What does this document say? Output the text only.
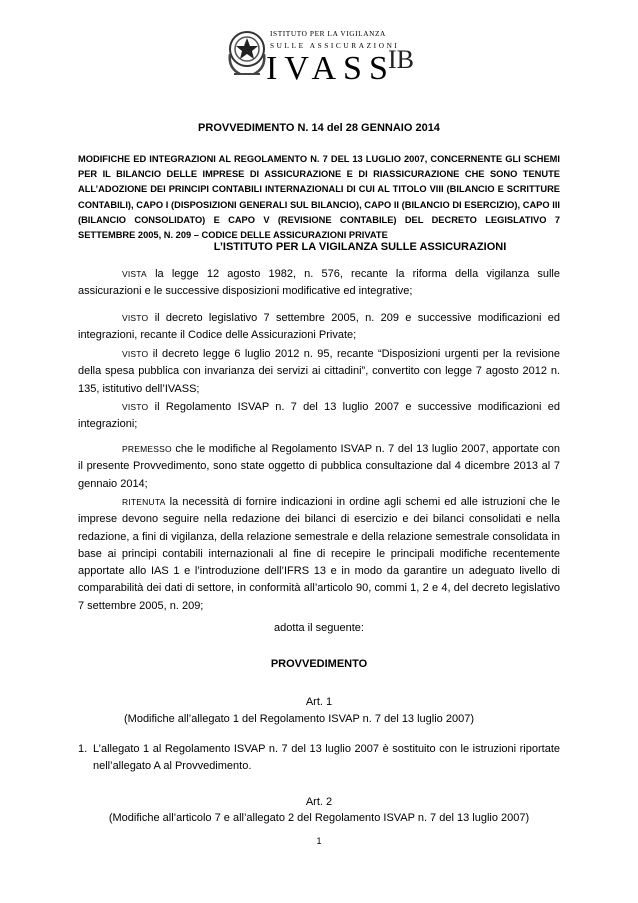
ISTITUTO PER LA VIGILANZA
SULLE ASSICURAZIONI
IVASS
IB
PROVVEDIMENTO N. 14 del 28 GENNAIO 2014
MODIFICHE ED INTEGRAZIONI AL REGOLAMENTO N. 7 DEL 13 LUGLIO 2007, CONCERNENTE GLI SCHEMI PER IL BILANCIO DELLE IMPRESE DI ASSICURAZIONE E DI RIASSICURAZIONE CHE SONO TENUTE ALL’ADOZIONE DEI PRINCIPI CONTABILI INTERNAZIONALI DI CUI AL TITOLO VIII (BILANCIO E SCRITTURE CONTABILI), CAPO I (DISPOSIZIONI GENERALI SUL BILANCIO), CAPO II (BILANCIO DI ESERCIZIO), CAPO III (BILANCIO CONSOLIDATO) E CAPO V (REVISIONE CONTABILE) DEL DECRETO LEGISLATIVO 7 SETTEMBRE 2005, N. 209 – CODICE DELLE ASSICURAZIONI PRIVATE
L’ISTITUTO PER LA VIGILANZA SULLE ASSICURAZIONI
VISTA la legge 12 agosto 1982, n. 576, recante la riforma della vigilanza sulle assicurazioni e le successive disposizioni modificative ed integrative;
VISTO il decreto legislativo 7 settembre 2005, n. 209 e successive modificazioni ed integrazioni, recante il Codice delle Assicurazioni Private;
VISTO il decreto legge 6 luglio 2012 n. 95, recante “Disposizioni urgenti per la revisione della spesa pubblica con invarianza dei servizi ai cittadini”, convertito con legge 7 agosto 2012 n. 135, istitutivo dell’IVASS;
VISTO il Regolamento ISVAP n. 7 del 13 luglio 2007 e successive modificazioni ed integrazioni;
PREMESSO che le modifiche al Regolamento ISVAP n. 7 del 13 luglio 2007, apportate con il presente Provvedimento, sono state oggetto di pubblica consultazione dal 4 dicembre 2013 al 7 gennaio 2014;
RITENUTA la necessità di fornire indicazioni in ordine agli schemi ed alle istruzioni che le imprese devono seguire nella redazione dei bilanci di esercizio e dei bilanci consolidati e nella redazione, a fini di vigilanza, della relazione semestrale e della relazione semestrale consolidata in base ai principi contabili internazionali al fine di recepire le principali modifiche recentemente apportate allo IAS 1 e l’introduzione dell’IFRS 13 e in modo da garantire un adeguato livello di comparabilità dei dati di settore, in conformità all’articolo 90, commi 1, 2 e 4, del decreto legislativo 7 settembre 2005, n. 209;
adotta il seguente:
PROVVEDIMENTO
Art. 1
(Modifiche all’allegato 1 del Regolamento ISVAP n. 7 del 13 luglio 2007)
1. L’allegato 1 al Regolamento ISVAP n. 7 del 13 luglio 2007 è sostituito con le istruzioni riportate nell’allegato A al Provvedimento.
Art. 2
(Modifiche all’articolo 7 e all’allegato 2 del Regolamento ISVAP n. 7 del 13 luglio 2007)
1
